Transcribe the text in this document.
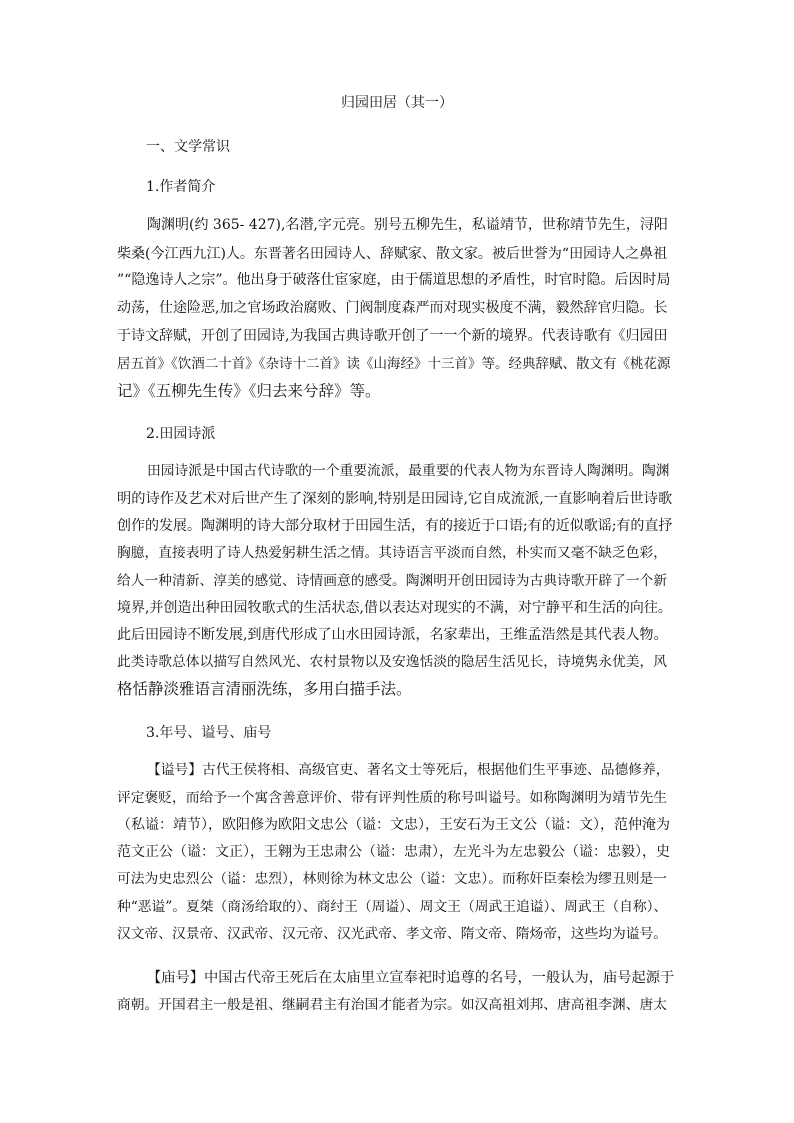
归园田居（其一）
一、文学常识
1.作者简介
陶渊明(约 365- 427),名潜,字元亮。别号五柳先生，私谥靖节，世称靖节先生，浔阳
柴桑(今江西九江)人。东晋著名田园诗人、辞赋家、散文家。被后世誉为“田园诗人之鼻祖
”“隐逸诗人之宗”。他出身于破落仕宦家庭，由于儒道思想的矛盾性，时官时隐。后因时局
动荡，仕途险恶,加之官场政治腐败、门阀制度森严而对现实极度不满，毅然辞官归隐。长
于诗文辞赋，开创了田园诗,为我国古典诗歌开创了一一个新的境界。代表诗歌有《归园田
居五首》《饮酒二十首》《杂诗十二首》读《山海经》十三首》等。经典辞赋、散文有《桃花源
记》《五柳先生传》《归去来兮辞》等。
2.田园诗派
田园诗派是中国古代诗歌的一个重要流派，最重要的代表人物为东晋诗人陶渊明。陶渊
明的诗作及艺术对后世产生了深刻的影响,特别是田园诗,它自成流派,一直影响着后世诗歌
创作的发展。陶渊明的诗大部分取材于田园生活，有的接近于口语;有的近似歌谣;有的直抒
胸臆，直接表明了诗人热爱躬耕生活之情。其诗语言平淡而自然，朴实而又毫不缺乏色彩，
给人一种清新、淳美的感觉、诗情画意的感受。陶渊明开创田园诗为古典诗歌开辟了一个新
境界,并创造出种田园牧歌式的生活状态,借以表达对现实的不满，对宁静平和生活的向往。
此后田园诗不断发展,到唐代形成了山水田园诗派，名家辈出，王维孟浩然是其代表人物。
此类诗歌总体以描写自然风光、农村景物以及安逸恬淡的隐居生活见长，诗境隽永优美，风
格恬静淡雅语言清丽洗练，多用白描手法。
3.年号、谥号、庙号
【谥号】古代王侯将相、高级官吏、著名文士等死后，根据他们生平事迹、品德修养，
评定褒贬，而给予一个寓含善意评价、带有评判性质的称号叫谥号。如称陶渊明为靖节先生
（私谥：靖节），欧阳修为欧阳文忠公（谥：文忠），王安石为王文公（谥：文），范仲淹为
范文正公（谥：文正），王翱为王忠肃公（谥：忠肃），左光斗为左忠毅公（谥：忠毅），史
可法为史忠烈公（谥：忠烈），林则徐为林文忠公（谥：文忠）。而称奸臣秦桧为缪丑则是一
种“恶谥”。夏桀（商汤给取的）、商纣王（周谥）、周文王（周武王追谥）、周武王（自称）、
汉文帝、汉景帝、汉武帝、汉元帝、汉光武帝、孝文帝、隋文帝、隋炀帝，这些均为谥号。
【庙号】中国古代帝王死后在太庙里立宣奉祀时追尊的名号，一般认为，庙号起源于
商朝。开国君主一般是祖、继嗣君主有治国才能者为宗。如汉高祖刘邦、唐高祖李渊、唐太
